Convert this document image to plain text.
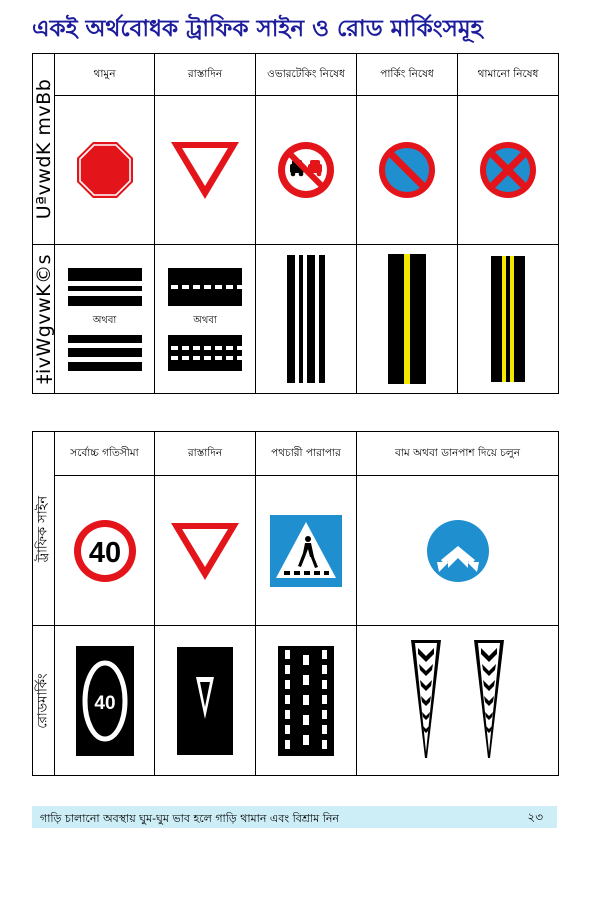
একই অর্থবোধক ট্রাফিক সাইন ও রোড মার্কিংসমূহ
UªvwdK mvBb	থামুন	রাস্তাদিন	ওভারটেকিং নিষেধ	পার্কিং নিষেধ	থামানো নিষেধ

‡ivWgvwK©s	অথবা	অথবা

ট্রাফিক সাইন	সর্বোচ্চ গতিসীমা	রাস্তাদিন	পথচারী পারাপার	বাম অথবা ডানপাশ দিয়ে চলুন

40

রোডমার্কিং	40

গাড়ি চালানো অবস্থায় ঘুম-ঘুম ভাব হলে গাড়ি থামান এবং বিশ্রাম নিন	২৩
